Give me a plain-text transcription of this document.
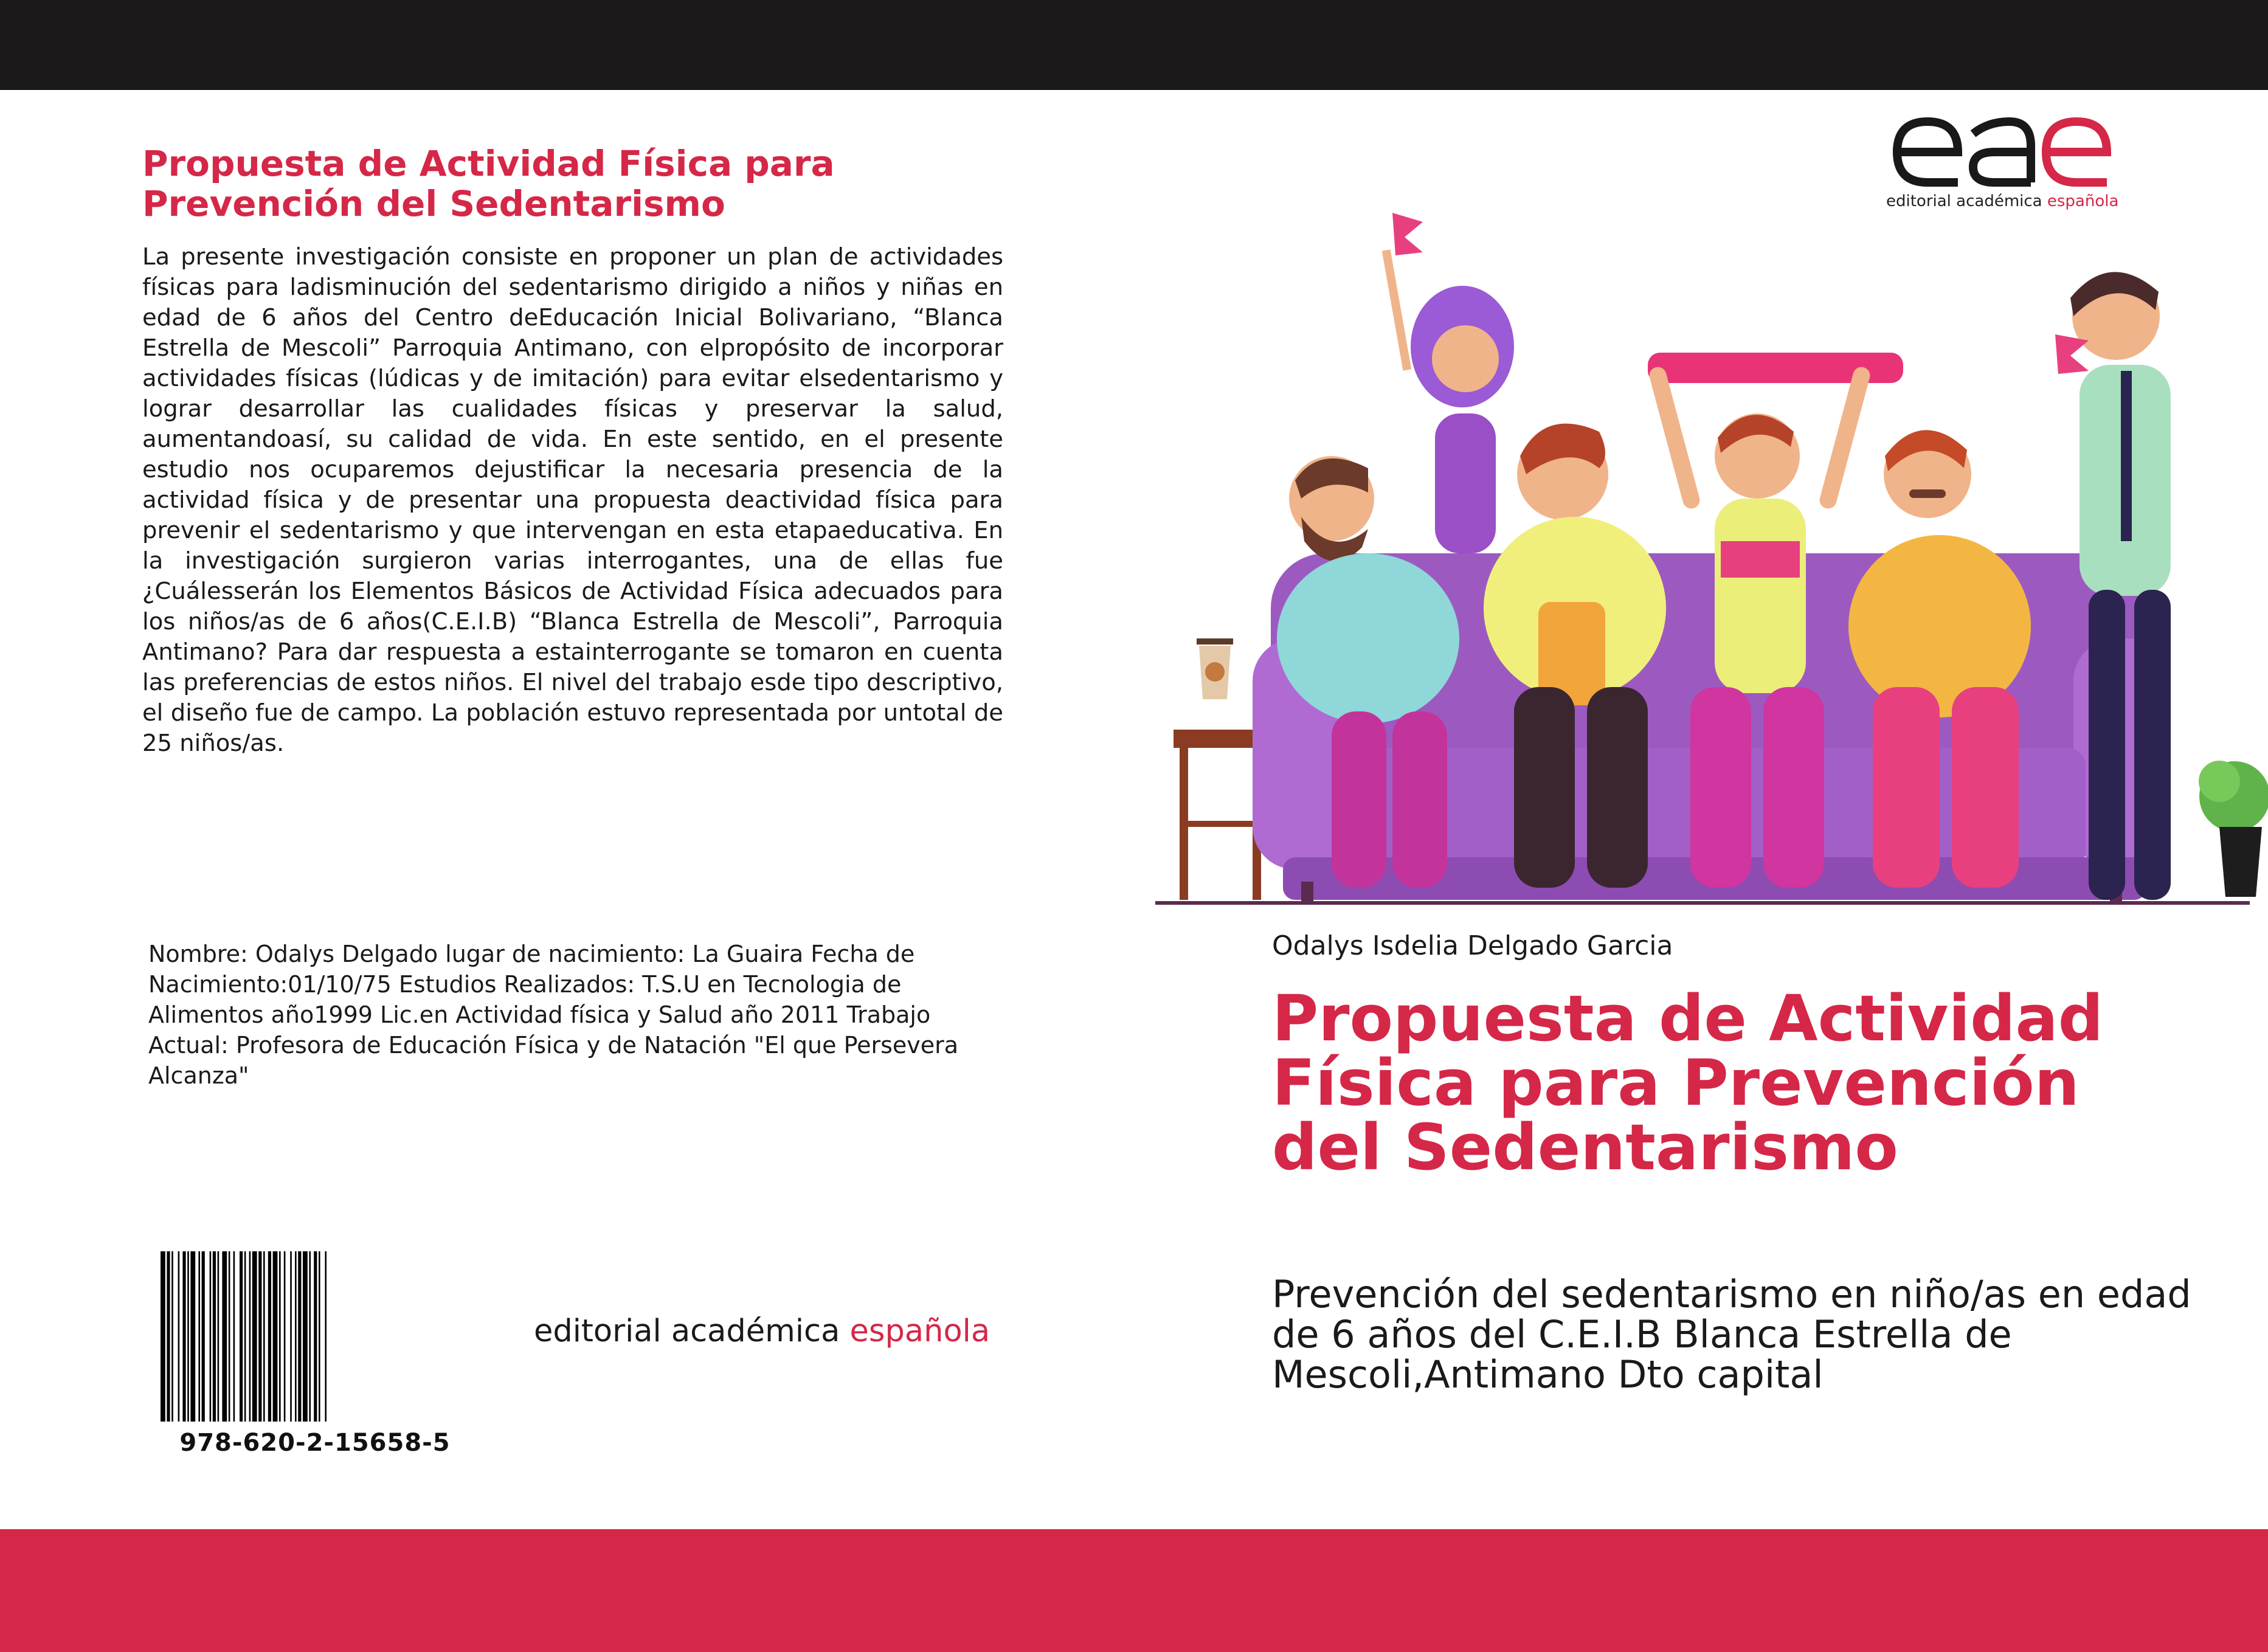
Propuesta de Actividad Física para Prevención del Sedentarismo
La presente investigación consiste en proponer un plan de actividades físicas para ladisminución del sedentarismo dirigido a niños y niñas en edad de 6 años del Centro deEducación Inicial Bolivariano, “Blanca Estrella de Mescoli” Parroquia Antimano, con elpropósito de incorporar actividades físicas (lúdicas y de imitación) para evitar elsedentarismo y lograr desarrollar las cualidades físicas y preservar la salud, aumentandoasí, su calidad de vida. En este sentido, en el presente estudio nos ocuparemos dejustificar la necesaria presencia de la actividad física y de presentar una propuesta deactividad física para prevenir el sedentarismo y que intervengan en esta etapaeducativa. En la investigación surgieron varias interrogantes, una de ellas fue ¿Cuálesserán los Elementos Básicos de Actividad Física adecuados para los niños/as de 6 años(C.E.I.B) “Blanca Estrella de Mescoli”, Parroquia Antimano? Para dar respuesta a estainterrogante se tomaron en cuenta las preferencias de estos niños. El nivel del trabajo esde tipo descriptivo, el diseño fue de campo. La población estuvo representada por untotal de 25 niños/as.
Nombre: Odalys Delgado lugar de nacimiento: La Guaira Fecha de Nacimiento:01/10/75 Estudios Realizados: T.S.U en Tecnologia de Alimentos año1999 Lic.en Actividad física y Salud año 2011 Trabajo Actual: Profesora de Educación Física y de Natación "El que Persevera Alcanza"
978-620-2-15658-5
editorial académica española
editorial académica española
Odalys Isdelia Delgado Garcia
Propuesta de Actividad Física para Prevención del Sedentarismo
Prevención del sedentarismo en niño/as en edad de 6 años del C.E.I.B Blanca Estrella de Mescoli,Antimano Dto capital
